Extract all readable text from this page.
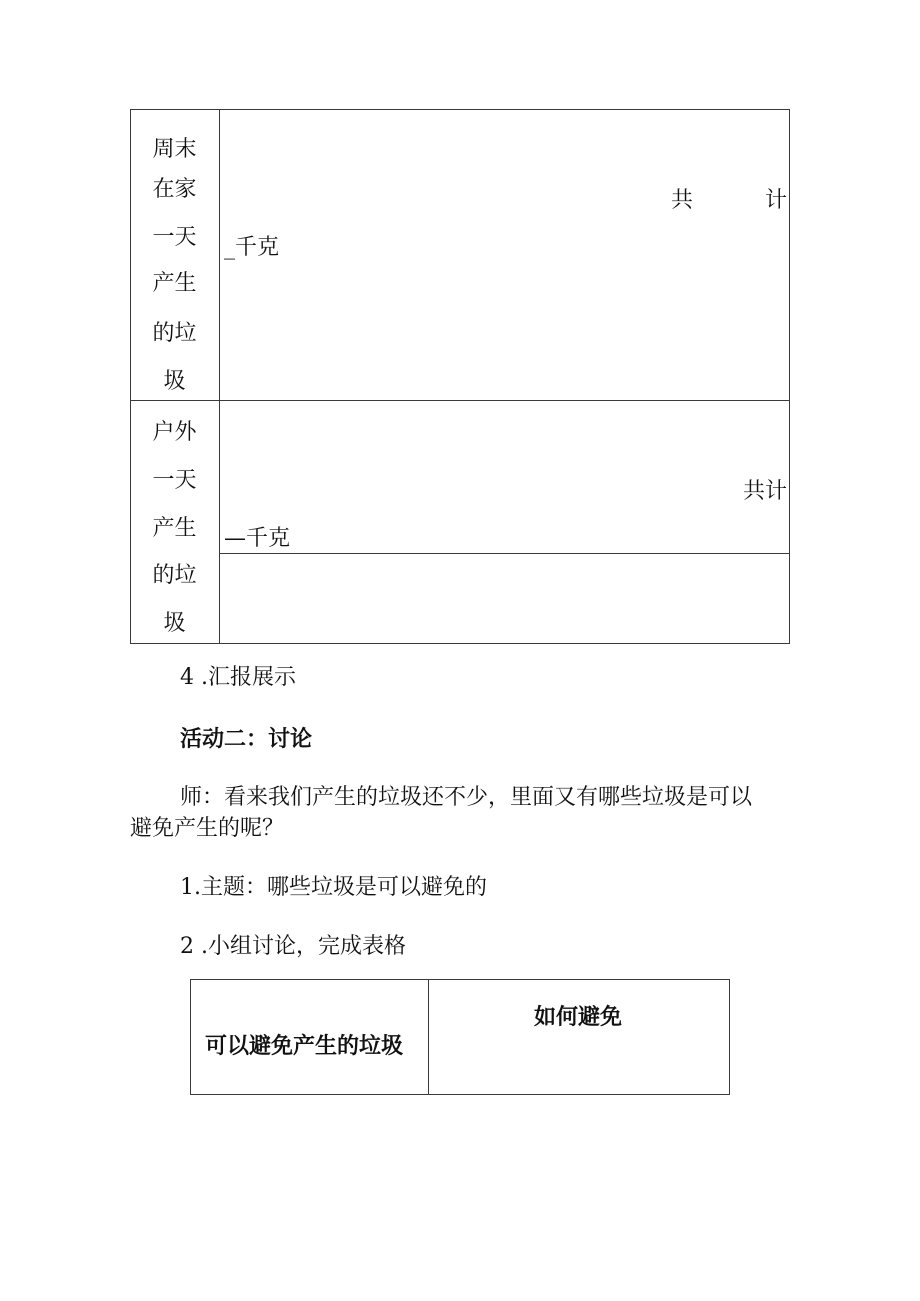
周末
在家
一天
产生
的垃
圾
共	计
_千克
户外
一天
产生
的垃
圾
共计
—千克
4 .汇报展示
活动二：讨论
师：看来我们产生的垃圾还不少，里面又有哪些垃圾是可以
避免产生的呢？
1.主题：哪些垃圾是可以避免的
2 .小组讨论，完成表格
可以避免产生的垃圾
如何避免
